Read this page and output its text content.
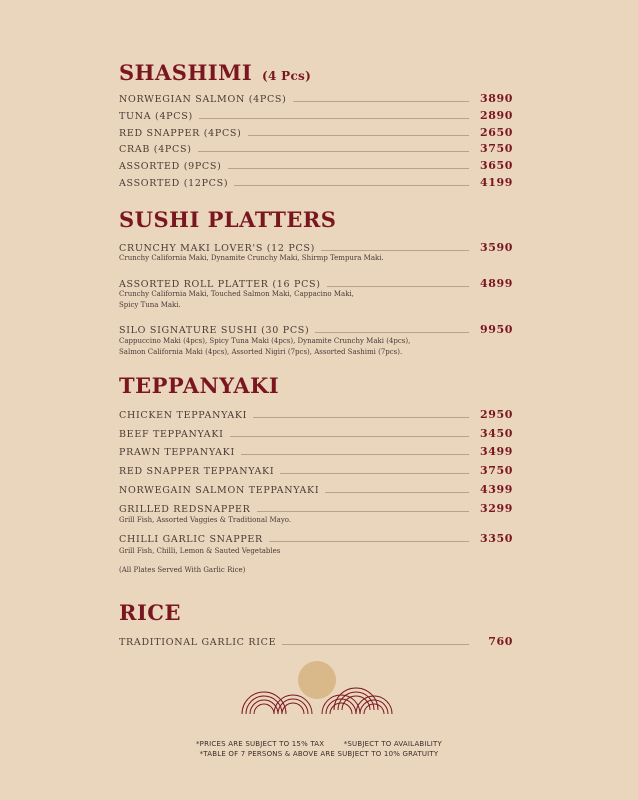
SHASHIMI (4 Pcs)
NORWEGIAN SALMON (4PCS)	3890
TUNA (4PCS)	2890
RED SNAPPER (4PCS)	2650
CRAB (4PCS)	3750
ASSORTED (9PCS)	3650
ASSORTED (12PCS)	4199
SUSHI PLATTERS
CRUNCHY MAKI LOVER'S (12 PCS)	3590

Crunchy California Maki, Dynamite Crunchy Maki, Shirmp Tempura Maki.

ASSORTED ROLL PLATTER (16 PCS)	4899

Crunchy California Maki, Touched Salmon Maki, Cappacino Maki, Spicy Tuna Maki.

SILO SIGNATURE SUSHI (30 PCS)	9950

Cappuccino Maki (4pcs), Spicy Tuna Maki (4pcs), Dynamite Crunchy Maki (4pcs), Salmon California Maki (4pcs), Assorted Nigiri (7pcs), Assorted Sashimi (7pcs).

TEPPANYAKI
CHICKEN TEPPANYAKI	2950
BEEF TEPPANYAKI	3450
PRAWN TEPPANYAKI	3499
RED SNAPPER TEPPANYAKI	3750
NORWEGAIN SALMON TEPPANYAKI	4399
GRILLED REDSNAPPER	3299

Grill Fish, Assorted Vaggies & Traditional Mayo.

CHILLI GARLIC SNAPPER	3350

Grill Fish, Chilli, Lemon & Sauted Vegetables

(All Plates Served With Garlic Rice)

RICE
TRADITIONAL GARLIC RICE	760
*PRICES ARE SUBJECT TO 15% TAX	*SUBJECT TO AVAILABILITY
*TABLE OF 7 PERSONS & ABOVE ARE SUBJECT TO 10% GRATUITY
